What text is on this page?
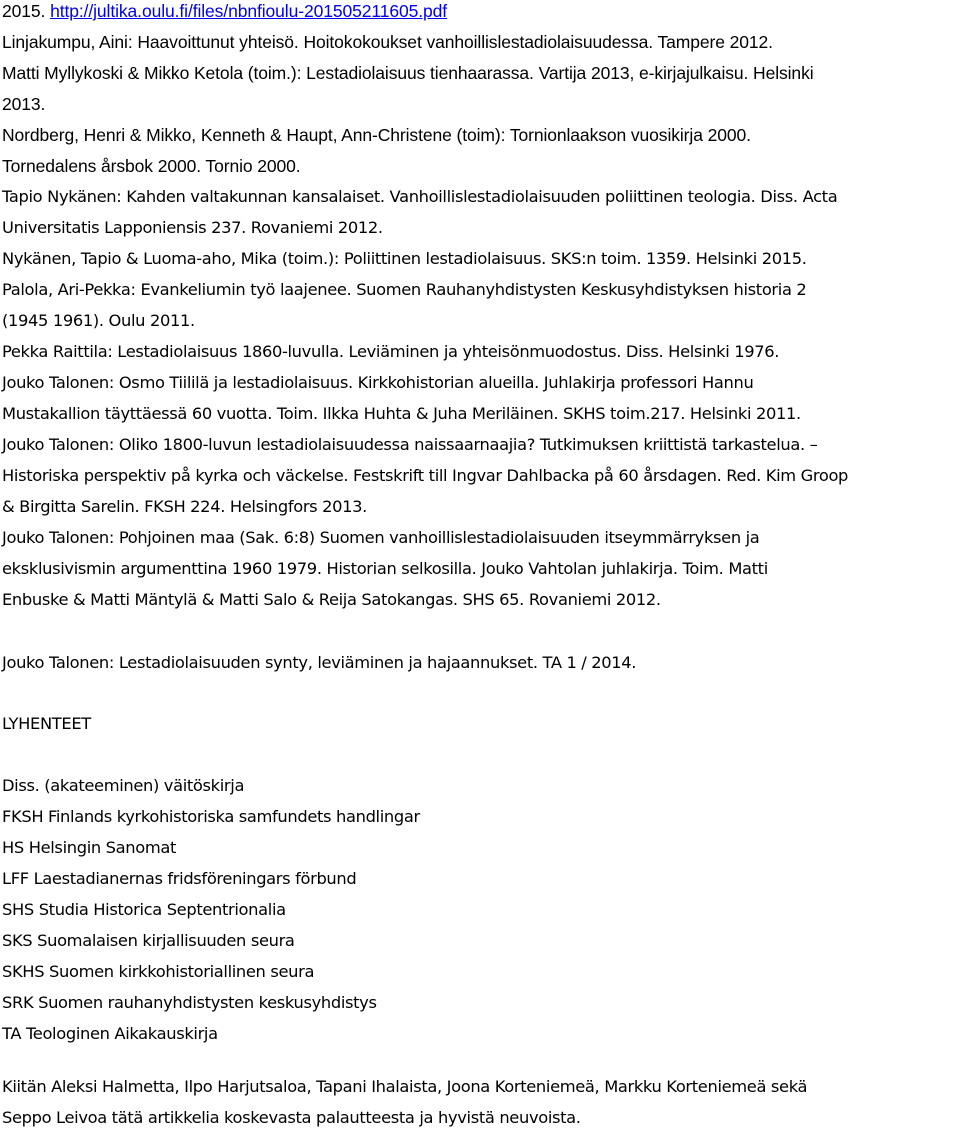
2015. http://jultika.oulu.fi/files/nbnfioulu-201505211605.pdf
Linjakumpu, Aini: Haavoittunut yhteisö. Hoitokokoukset vanhoillislestadiolaisuudessa. Tampere 2012.
Matti Myllykoski & Mikko Ketola (toim.): Lestadiolaisuus tienhaarassa. Vartija 2013, e-kirjajulkaisu. Helsinki
2013.
Nordberg, Henri & Mikko, Kenneth & Haupt, Ann-Christene (toim): Tornionlaakson vuosikirja 2000.
Tornedalens årsbok 2000. Tornio 2000.
Tapio Nykänen: Kahden valtakunnan kansalaiset. Vanhoillislestadiolaisuuden poliittinen teologia. Diss. Acta
Universitatis Lapponiensis 237. Rovaniemi 2012.
Nykänen, Tapio & Luoma-aho, Mika (toim.): Poliittinen lestadiolaisuus. SKS:n toim. 1359. Helsinki 2015.
Palola, Ari-Pekka: Evankeliumin työ laajenee. Suomen Rauhanyhdistysten Keskusyhdistyksen historia 2
(1945 1961). Oulu 2011.
Pekka Raittila: Lestadiolaisuus 1860-luvulla. Leviäminen ja yhteisönmuodostus. Diss. Helsinki 1976.
Jouko Talonen: Osmo Tiililä ja lestadiolaisuus. Kirkkohistorian alueilla. Juhlakirja professori Hannu
Mustakallion täyttäessä 60 vuotta. Toim. Ilkka Huhta & Juha Meriläinen. SKHS toim.217. Helsinki 2011.
Jouko Talonen: Oliko 1800-luvun lestadiolaisuudessa naissaarnaajia? Tutkimuksen kriittistä tarkastelua. –
Historiska perspektiv på kyrka och väckelse. Festskrift till Ingvar Dahlbacka på 60 årsdagen. Red. Kim Groop
& Birgitta Sarelin. FKSH 224. Helsingfors 2013.
Jouko Talonen: Pohjoinen maa (Sak. 6:8) Suomen vanhoillislestadiolaisuuden itseymmärryksen ja
eksklusivismin argumenttina 1960 1979. Historian selkosilla. Jouko Vahtolan juhlakirja. Toim. Matti
Enbuske & Matti Mäntylä & Matti Salo & Reija Satokangas. SHS 65. Rovaniemi 2012.
Jouko Talonen: Lestadiolaisuuden synty, leviäminen ja hajaannukset. TA 1 / 2014.
LYHENTEET
Diss. (akateeminen) väitöskirja
FKSH Finlands kyrkohistoriska samfundets handlingar
HS Helsingin Sanomat
LFF Laestadianernas fridsföreningars förbund
SHS Studia Historica Septentrionalia
SKS Suomalaisen kirjallisuuden seura
SKHS Suomen kirkkohistoriallinen seura
SRK Suomen rauhanyhdistysten keskusyhdistys
TA Teologinen Aikakauskirja
Kiitän Aleksi Halmetta, Ilpo Harjutsaloa, Tapani Ihalaista, Joona Korteniemeä, Markku Korteniemeä sekä
Seppo Leivoa tätä artikkelia koskevasta palautteesta ja hyvistä neuvoista.
